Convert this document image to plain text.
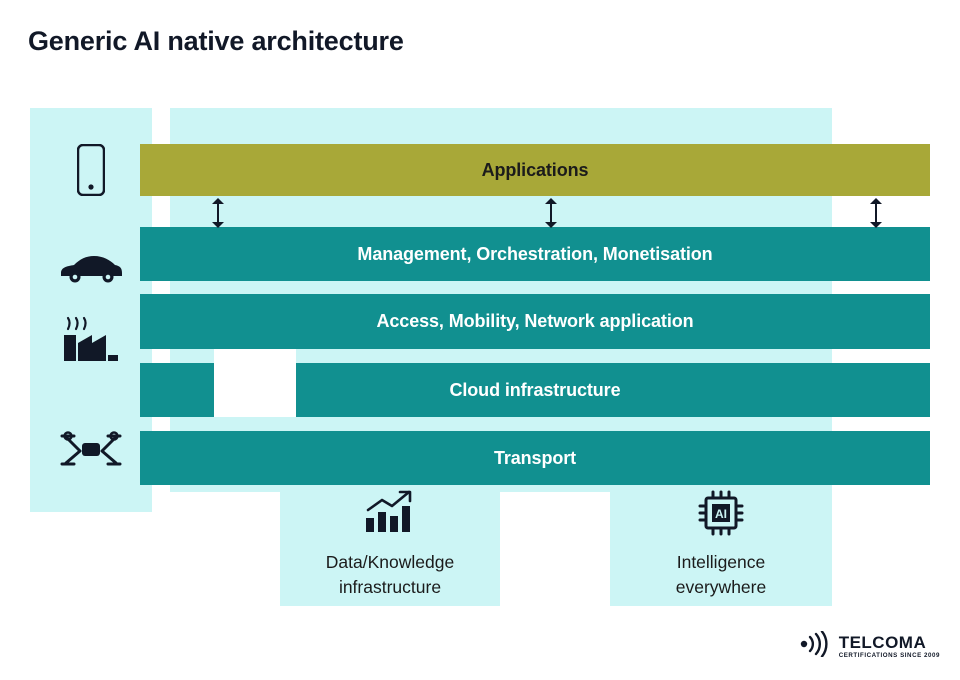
Generic AI native architecture
Applications
Management, Orchestration, Monetisation
Access, Mobility, Network application
Cloud infrastructure
Transport
Data/Knowledge
infrastructure
AI
Intelligence
everywhere
TELCOMA
CERTIFICATIONS SINCE 2009
